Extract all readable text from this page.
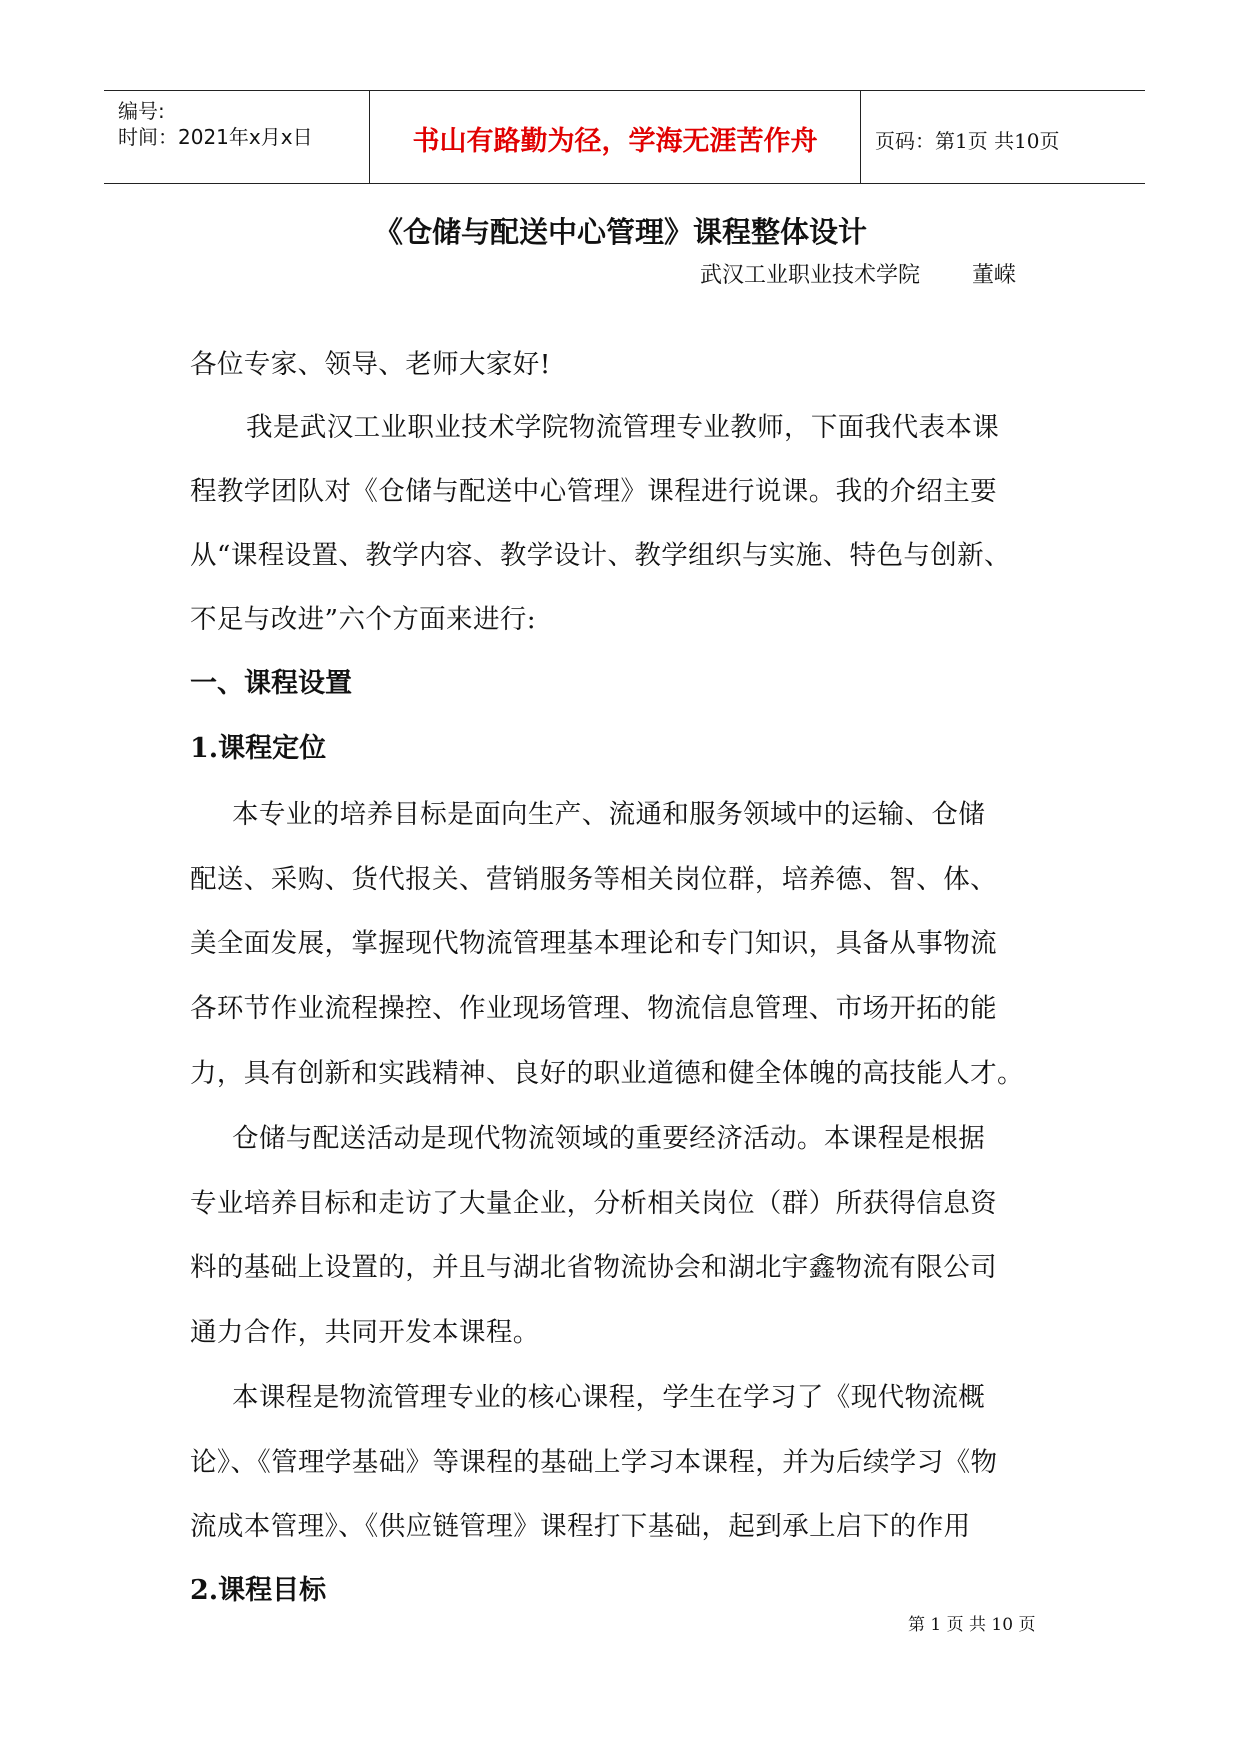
编号:
时间：2021年x月x日	书山有路勤为径，学海无涯苦作舟	页码：第1页 共10页
《仓储与配送中心管理》课程整体设计
武汉工业职业技术学院 董嵘
各位专家、领导、老师大家好!
我是武汉工业职业技术学院物流管理专业教师，下面我代表本课
程教学团队对《仓储与配送中心管理》课程进行说课。我的介绍主要
从“课程设置、教学内容、教学设计、教学组织与实施、特色与创新、
不足与改进”六个方面来进行:
一、课程设置
1.课程定位
本专业的培养目标是面向生产、流通和服务领域中的运输、仓储
配送、采购、货代报关、营销服务等相关岗位群，培养德、智、体、
美全面发展，掌握现代物流管理基本理论和专门知识，具备从事物流
各环节作业流程操控、作业现场管理、物流信息管理、市场开拓的能
力，具有创新和实践精神、良好的职业道德和健全体魄的高技能人才。
仓储与配送活动是现代物流领域的重要经济活动。本课程是根据
专业培养目标和走访了大量企业，分析相关岗位（群）所获得信息资
料的基础上设置的，并且与湖北省物流协会和湖北宇鑫物流有限公司
通力合作，共同开发本课程。
本课程是物流管理专业的核心课程，学生在学习了《现代物流概
论》、《管理学基础》等课程的基础上学习本课程，并为后续学习《物
流成本管理》、《供应链管理》课程打下基础，起到承上启下的作用
2.课程目标
第 1 页 共 10 页
